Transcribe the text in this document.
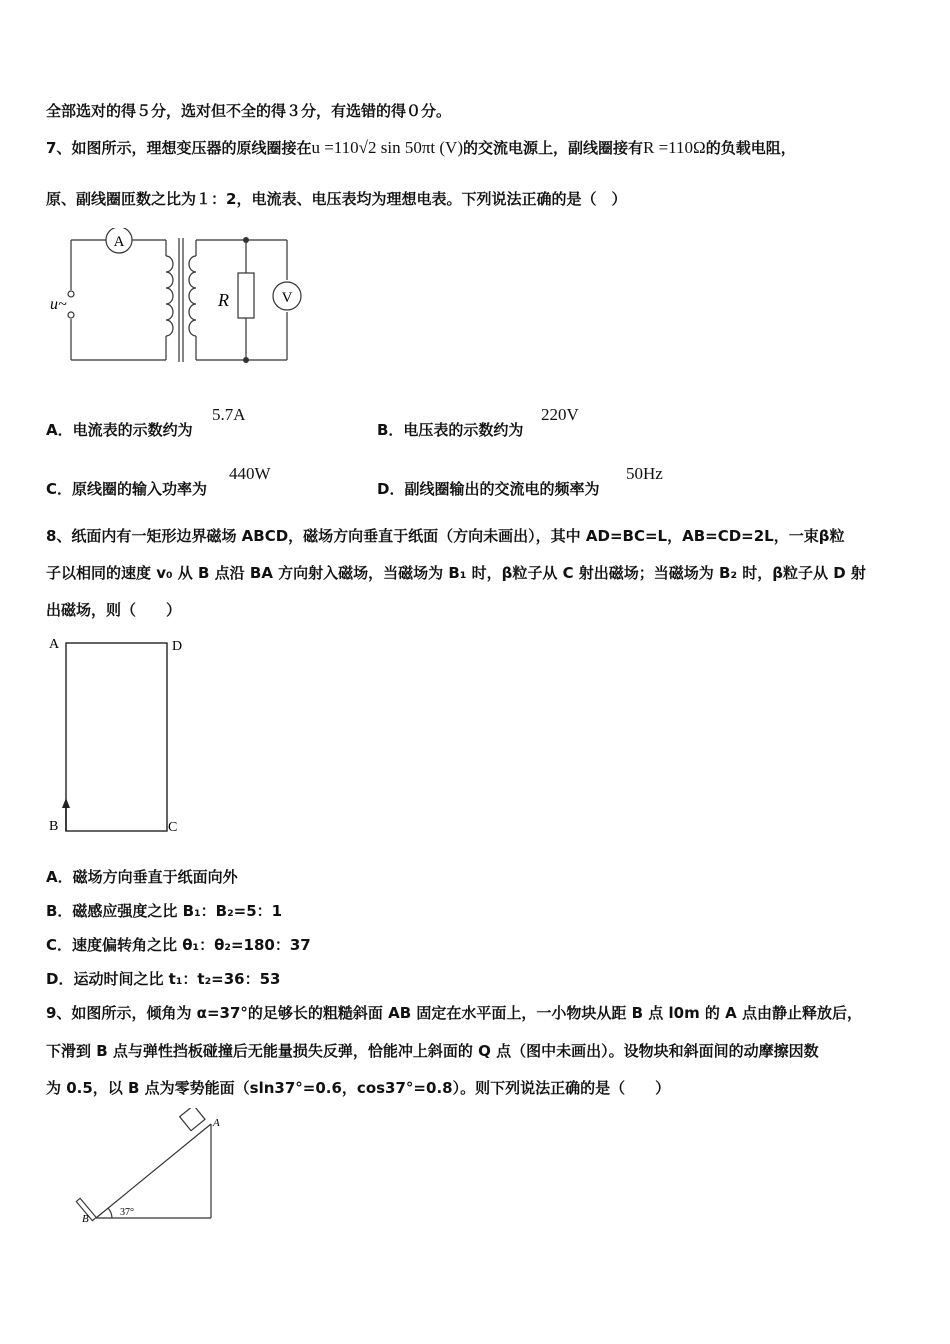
全部选对的得５分，选对但不全的得３分，有选错的得０分。
7、如图所示，理想变压器的原线圈接在u =110√2 sin 50πt (V)的交流电源上，副线圈接有R =110Ω的负载电阻，
原、副线圈匝数之比为１：2，电流表、电压表均为理想电表。下列说法正确的是（　）
A
R	V
u~
A．电流表的示数约为
5.7A
B．电压表的示数约为
220V
C．原线圈的输入功率为
440W
D．副线圈输出的交流电的频率为
50Hz
8、纸面内有一矩形边界磁场 ABCD，磁场方向垂直于纸面（方向未画出），其中 AD=BC=L，AB=CD=2L，一束β粒
子以相同的速度 v₀ 从 B 点沿 BA 方向射入磁场，当磁场为 B₁ 时，β粒子从 C 射出磁场；当磁场为 B₂ 时，β粒子从 D 射
出磁场，则（　　）
A	D
B	C
A．磁场方向垂直于纸面向外
B．磁感应强度之比 B₁：B₂=5：1
C．速度偏转角之比 θ₁：θ₂=180：37
D．运动时间之比 t₁：t₂=36：53
9、如图所示，倾角为 α=37°的足够长的粗糙斜面 AB 固定在水平面上，一小物块从距 B 点 l0m 的 A 点由静止释放后，
下滑到 B 点与弹性挡板碰撞后无能量损失反弹，恰能冲上斜面的 Q 点（图中未画出）。设物块和斜面间的动摩擦因数
为 0.5，以 B 点为零势能面（sln37°=0.6，cos37°=0.8）。则下列说法正确的是（　　）
A
B
37°
